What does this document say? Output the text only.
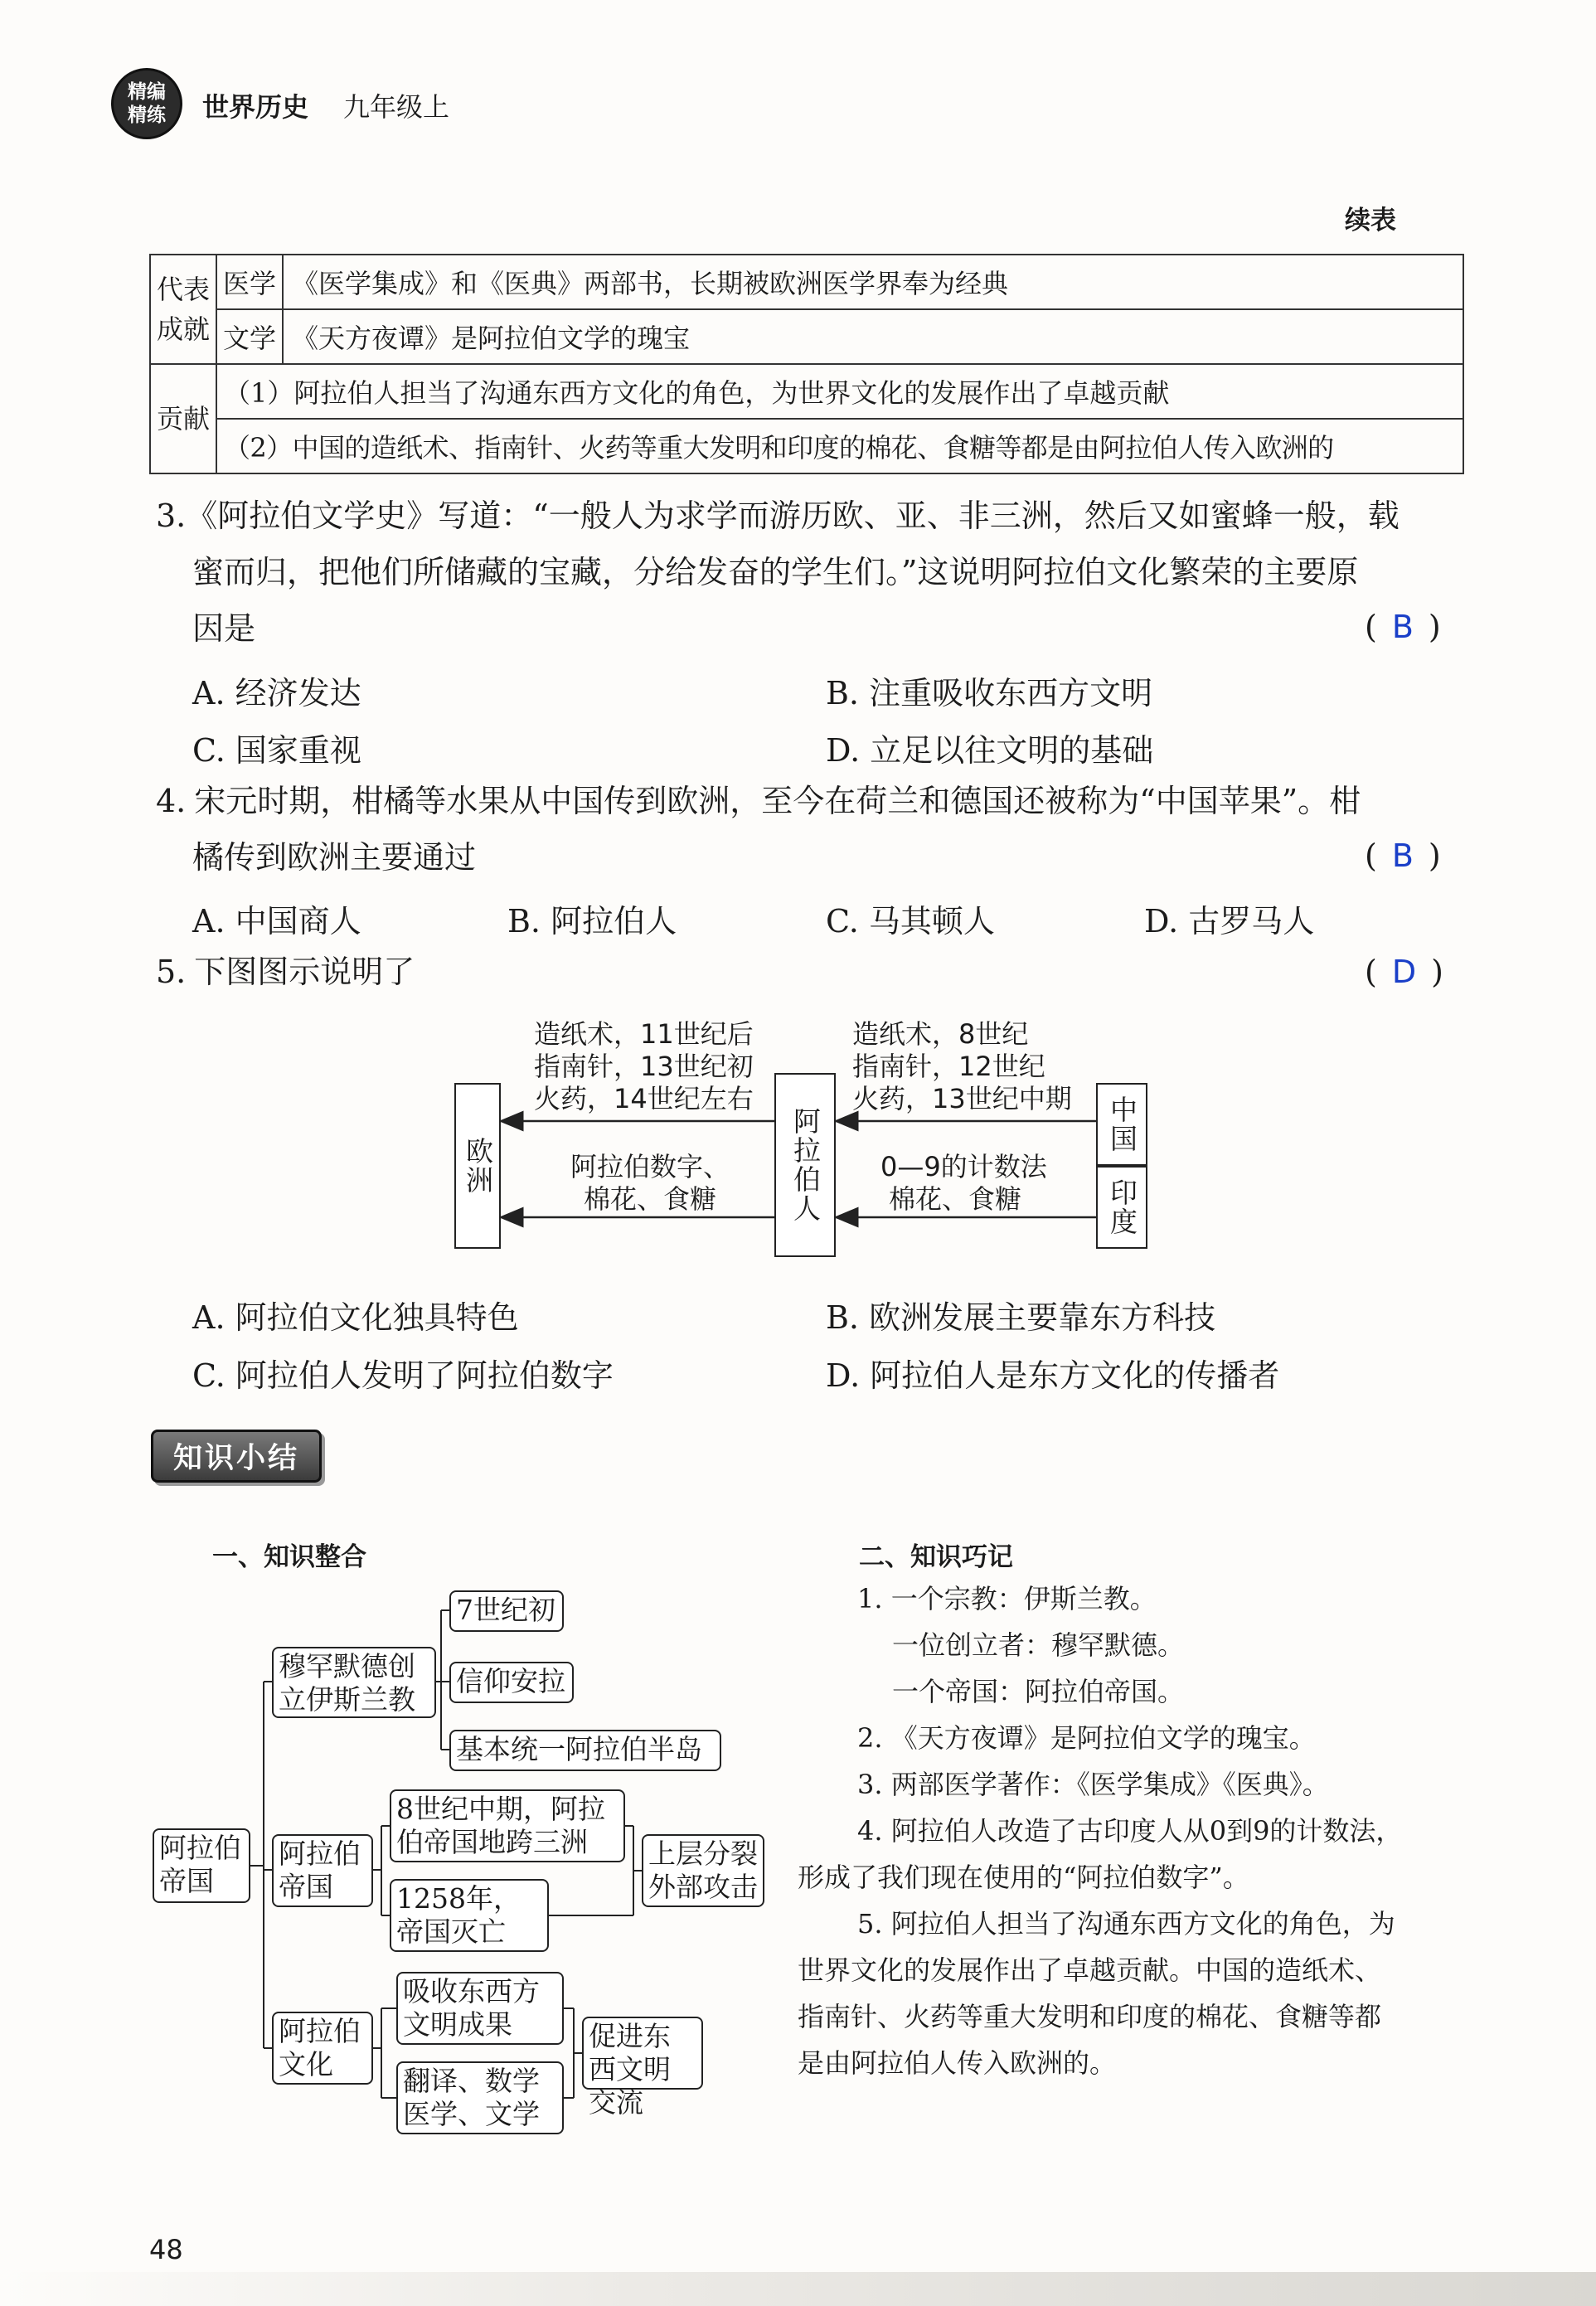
精编
精练 世界历史 九年级上
续表
代表成就	医学	《医学集成》和《医典》两部书，长期被欧洲医学界奉为经典
	文学	《天方夜谭》是阿拉伯文学的瑰宝
贡献	（1）阿拉伯人担当了沟通东西方文化的角色，为世界文化的发展作出了卓越贡献	
	（2）中国的造纸术、指南针、火药等重大发明和印度的棉花、食糖等都是由阿拉伯人传入欧洲的	
3.《阿拉伯文学史》写道：“一般人为求学而游历欧、亚、非三洲，然后又如蜜蜂一般，载
蜜而归，把他们所储藏的宝藏，分给发奋的学生们。”这说明阿拉伯文化繁荣的主要原
因是	( B )
A. 经济发达	B. 注重吸收东西方文明
C. 国家重视	D. 立足以往文明的基础
4. 宋元时期，柑橘等水果从中国传到欧洲，至今在荷兰和德国还被称为“中国苹果”。柑
橘传到欧洲主要通过	( B )
A. 中国商人	B. 阿拉伯人	C. 马其顿人	D. 古罗马人
5. 下图图示说明了	( D )
欧洲	阿拉伯人	中国
印度
造纸术，11世纪后
指南针，13世纪初
火药，14世纪左右
阿拉伯数字、
棉花、食糖
造纸术，8世纪
指南针，12世纪
火药，13世纪中期
0—9的计数法
棉花、食糖
A. 阿拉伯文化独具特色	B. 欧洲发展主要靠东方科技
C. 阿拉伯人发明了阿拉伯数字	D. 阿拉伯人是东方文化的传播者
知识小结
一、知识整合	二、知识巧记
阿拉伯帝国
穆罕默德创立伊斯兰教
7世纪初
信仰安拉
基本统一阿拉伯半岛
阿拉伯帝国
8世纪中期，阿拉伯帝国地跨三洲
1258年，帝国灭亡
上层分裂外部攻击
阿拉伯文化
吸收东西方文明成果
翻译、数学医学、文学
促进东西文明交流
1. 一个宗教：伊斯兰教。
一位创立者：穆罕默德。
一个帝国：阿拉伯帝国。
2. 《天方夜谭》是阿拉伯文学的瑰宝。
3. 两部医学著作：《医学集成》《医典》。
4. 阿拉伯人改造了古印度人从0到9的计数法，
形成了我们现在使用的“阿拉伯数字”。
5. 阿拉伯人担当了沟通东西方文化的角色，为
世界文化的发展作出了卓越贡献。中国的造纸术、
指南针、火药等重大发明和印度的棉花、食糖等都
是由阿拉伯人传入欧洲的。
48
